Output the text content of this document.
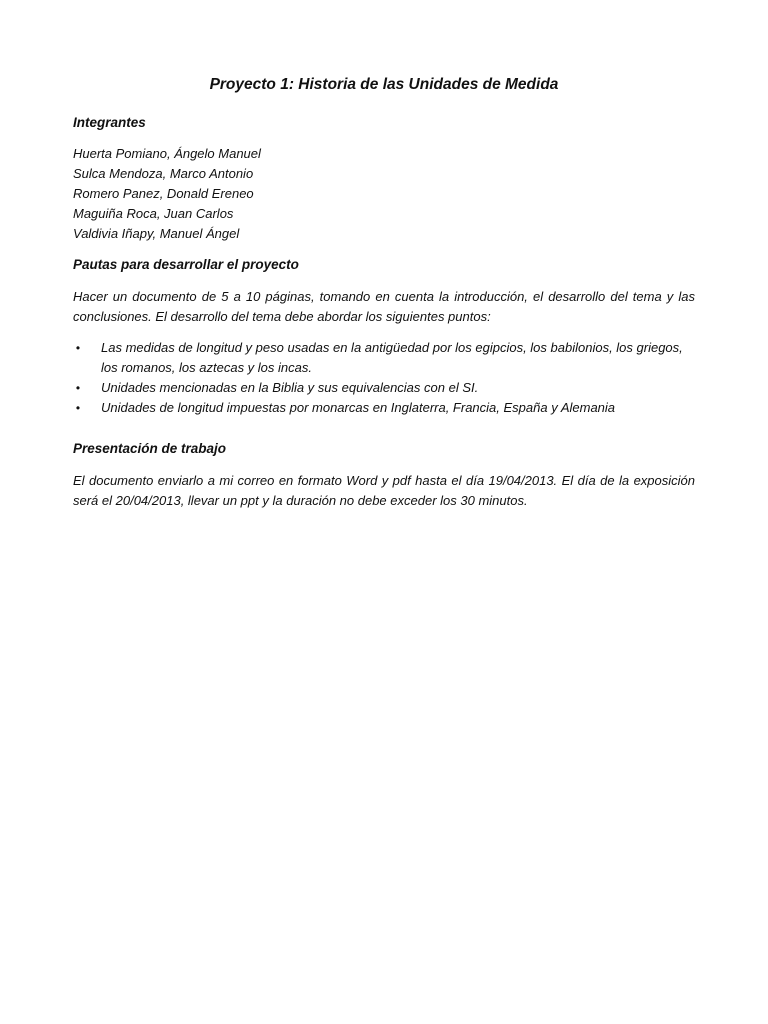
Proyecto 1: Historia de las Unidades de Medida

Integrantes

Huerta Pomiano, Ángelo Manuel

Sulca Mendoza, Marco Antonio

Romero Panez, Donald Ereneo

Maguiña Roca, Juan Carlos

Valdivia Iñapy, Manuel Ángel

Pautas para desarrollar el proyecto

Hacer un documento de 5 a 10 páginas, tomando en cuenta la introducción, el desarrollo del tema y las conclusiones. El desarrollo del tema debe abordar los siguientes puntos:

• Las medidas de longitud y peso usadas en la antigüedad por los egipcios, los babilonios, los griegos, los romanos, los aztecas y los incas.
• Unidades mencionadas en la Biblia y sus equivalencias con el SI.
• Unidades de longitud impuestas por monarcas en Inglaterra, Francia, España y Alemania

Presentación de trabajo

El documento enviarlo a mi correo en formato Word y pdf hasta el día 19/04/2013. El día de la exposición será el 20/04/2013, llevar un ppt y la duración no debe exceder los 30 minutos.
